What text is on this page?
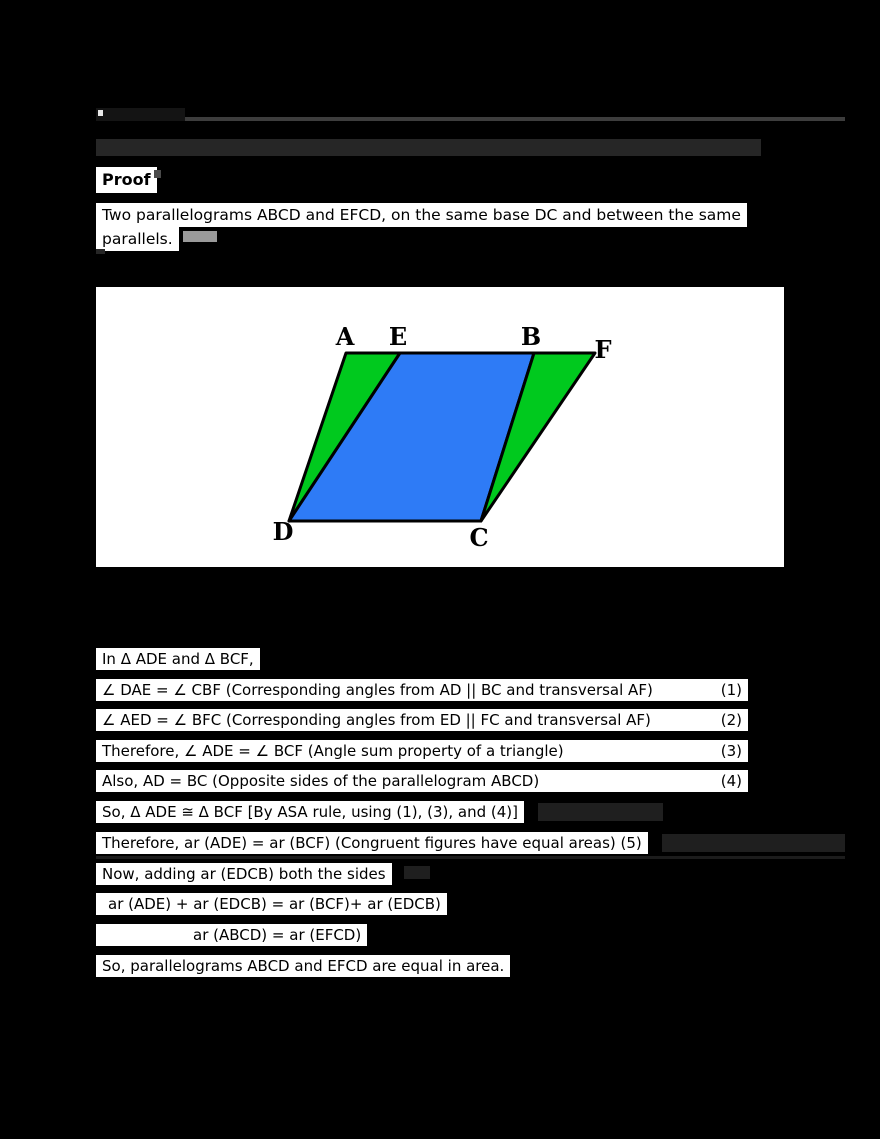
Proof
Two parallelograms ABCD and EFCD, on the same base DC and between the same
parallels.
A E	B F
D	C
In Δ ADE and Δ BCF,
∠ DAE = ∠ CBF (Corresponding angles from AD || BC and transversal AF)	(1)
∠ AED = ∠ BFC (Corresponding angles from ED || FC and transversal AF)	(2)
Therefore, ∠ ADE = ∠ BCF (Angle sum property of a triangle)	(3)
Also, AD = BC (Opposite sides of the parallelogram ABCD)	(4)
So, Δ ADE ≅ Δ BCF [By ASA rule, using (1), (3), and (4)]
Therefore, ar (ADE) = ar (BCF) (Congruent figures have equal areas) (5)
Now, adding ar (EDCB) both the sides
ar (ADE) + ar (EDCB) = ar (BCF)+ ar (EDCB)
ar (ABCD) = ar (EFCD)
So, parallelograms ABCD and EFCD are equal in area.
